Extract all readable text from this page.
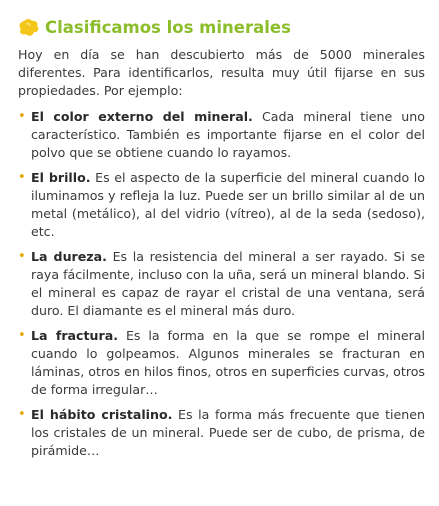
Clasificamos los minerales

Hoy en día se han descubierto más de 5000 minerales diferentes. Para identificarlos, resulta muy útil fijarse en sus propiedades. Por ejemplo:

• El color externo del mineral. Cada mineral tiene uno característico. También es importante fijarse en el color del polvo que se obtiene cuando lo rayamos.

• El brillo. Es el aspecto de la superficie del mineral cuando lo iluminamos y refleja la luz. Puede ser un brillo similar al de un metal (metálico), al del vidrio (vítreo), al de la seda (sedoso), etc.

• La dureza. Es la resistencia del mineral a ser rayado. Si se raya fácilmente, incluso con la uña, será un mineral blando. Si el mineral es capaz de rayar el cristal de una ventana, será duro. El diamante es el mineral más duro.

• La fractura. Es la forma en la que se rompe el mineral cuando lo golpeamos. Algunos minerales se fracturan en láminas, otros en hilos finos, otros en superficies curvas, otros de forma irregular…

• El hábito cristalino. Es la forma más frecuente que tienen los cristales de un mineral. Puede ser de cubo, de prisma, de pirámide…
